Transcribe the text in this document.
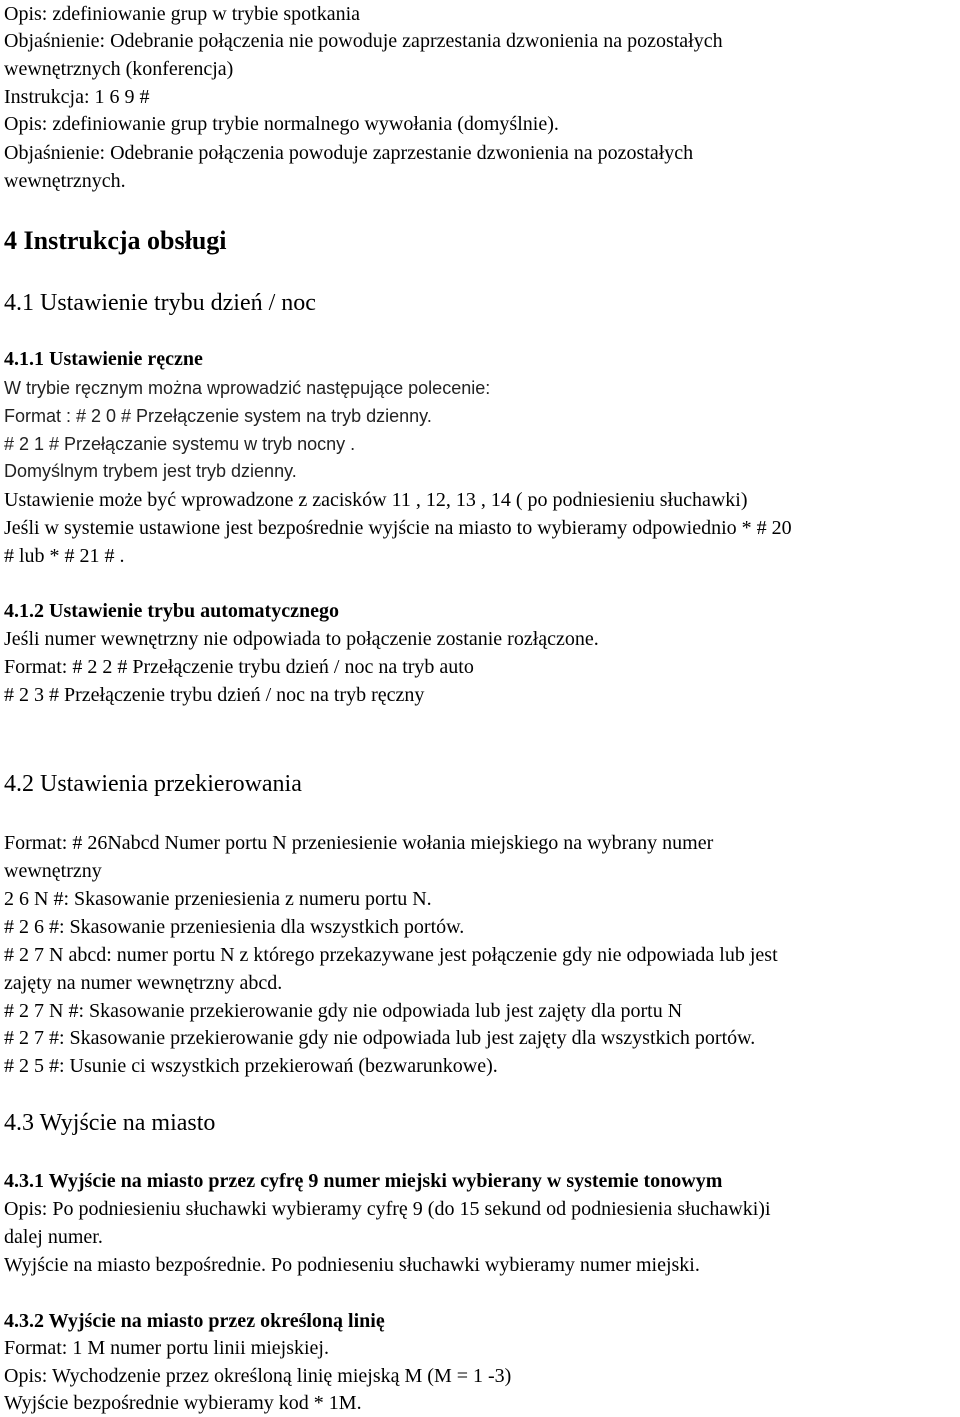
Opis: zdefiniowanie grup w trybie spotkania
Objaśnienie: Odebranie połączenia nie powoduje zaprzestania dzwonienia na pozostałych
wewnętrznych (konferencja)
Instrukcja: 1 6 9 #
Opis: zdefiniowanie grup trybie normalnego wywołania (domyślnie).
Objaśnienie: Odebranie połączenia powoduje zaprzestanie dzwonienia na pozostałych
wewnętrznych.
4 Instrukcja obsługi
4.1 Ustawienie trybu dzień / noc
4.1.1 Ustawienie ręczne
W trybie ręcznym można wprowadzić następujące polecenie:
Format : # 2 0 # Przełączenie system na tryb dzienny.
# 2 1 # Przełączanie systemu w tryb nocny .
Domyślnym trybem jest tryb dzienny.
Ustawienie może być wprowadzone z zacisków 11 , 12, 13 , 14 ( po podniesieniu słuchawki)
Jeśli w systemie ustawione jest bezpośrednie wyjście na miasto to wybieramy odpowiednio * # 20
# lub * # 21 # .
4.1.2 Ustawienie trybu automatycznego
Jeśli numer wewnętrzny nie odpowiada to połączenie zostanie rozłączone.
Format: # 2 2 # Przełączenie trybu dzień / noc na tryb auto
# 2 3 # Przełączenie trybu dzień / noc na tryb ręczny
4.2 Ustawienia przekierowania
Format: # 26Nabcd Numer portu N przeniesienie wołania miejskiego na wybrany numer
wewnętrzny
2 6 N #: Skasowanie przeniesienia z numeru portu N.
# 2 6 #: Skasowanie przeniesienia dla wszystkich portów.
# 2 7 N abcd: numer portu N z którego przekazywane jest połączenie gdy nie odpowiada lub jest
zajęty na numer wewnętrzny abcd.
# 2 7 N #: Skasowanie przekierowanie gdy nie odpowiada lub jest zajęty dla portu N
# 2 7 #: Skasowanie przekierowanie gdy nie odpowiada lub jest zajęty dla wszystkich portów.
# 2 5 #: Usunie ci wszystkich przekierowań (bezwarunkowe).
4.3 Wyjście na miasto
4.3.1 Wyjście na miasto przez cyfrę 9 numer miejski wybierany w systemie tonowym
Opis: Po podniesieniu słuchawki wybieramy cyfrę 9 (do 15 sekund od podniesienia słuchawki)i
dalej numer.
Wyjście na miasto bezpośrednie. Po podnieseniu słuchawki wybieramy numer miejski.
4.3.2 Wyjście na miasto przez określoną linię
Format: 1 M numer portu linii miejskiej.
Opis: Wychodzenie przez określoną linię miejską M (M = 1 -3)
Wyjście bezpośrednie wybieramy kod * 1M.
